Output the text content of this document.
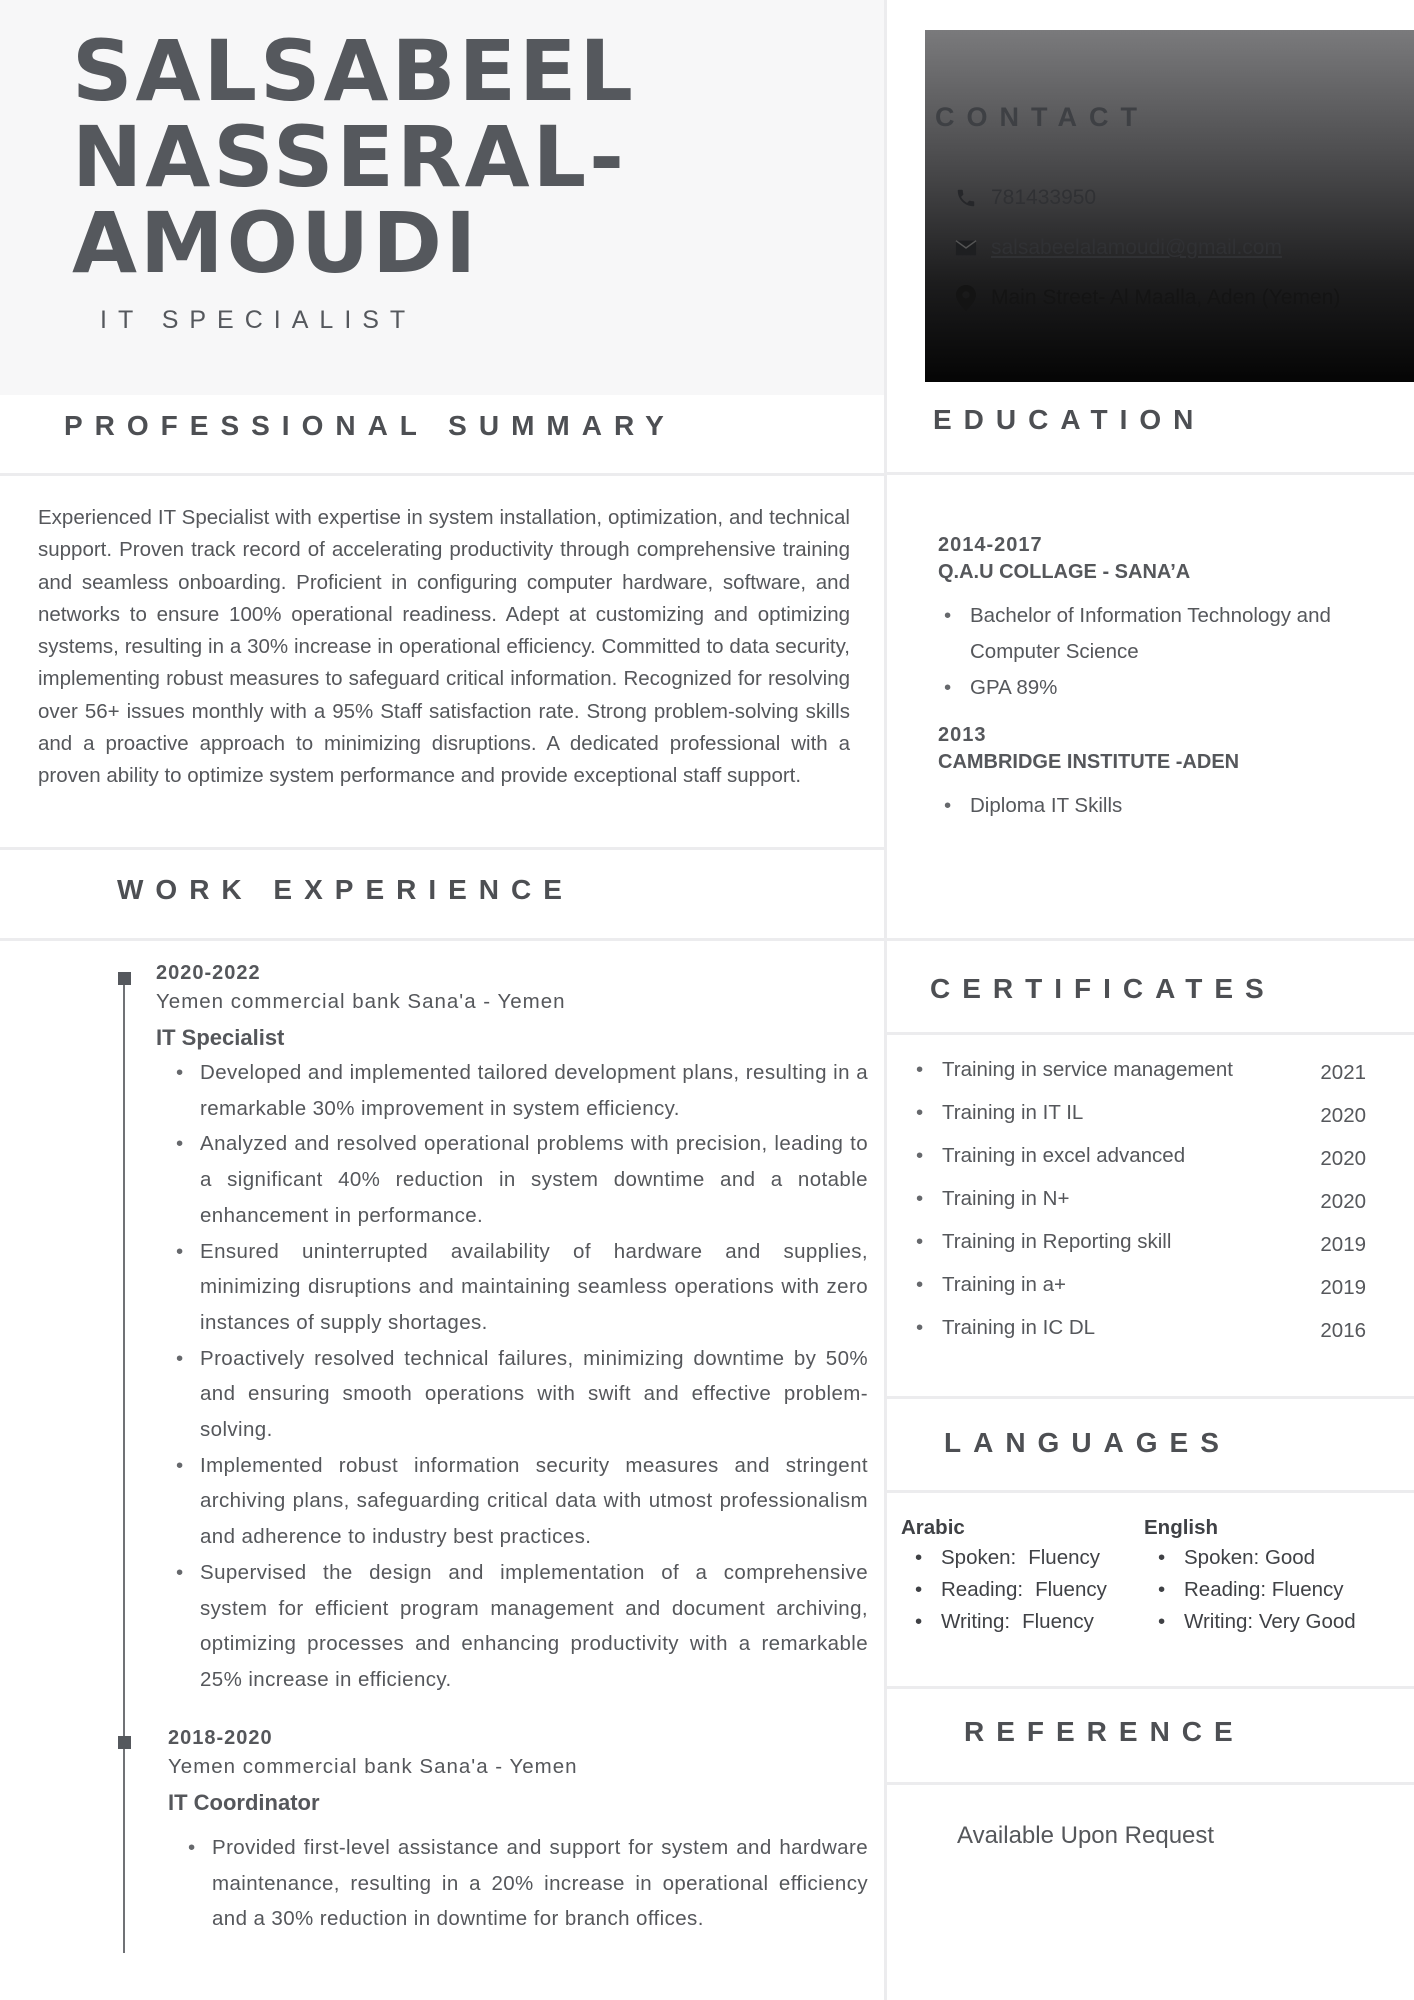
SALSABEEL
NASSERAL-
AMOUDI
IT SPECIALIST
CONTACT
781433950
salsabeelalamoudi@gmail.com
Main Street- Al Maalla, Aden (Yemen)
PROFESSIONAL SUMMARY

Experienced IT Specialist with expertise in system installation, optimization, and technical support. Proven track record of accelerating productivity through comprehensive training and seamless onboarding. Proficient in configuring computer hardware, software, and networks to ensure 100% operational readiness. Adept at customizing and optimizing systems, resulting in a 30% increase in operational efficiency. Committed to data security, implementing robust measures to safeguard critical information. Recognized for resolving over 56+ issues monthly with a 95% Staff satisfaction rate. Strong problem-solving skills and a proactive approach to minimizing disruptions. A dedicated professional with a proven ability to optimize system performance and provide exceptional staff support.

EDUCATION
2014-2017
Q.A.U COLLAGE - SANA’A
• Bachelor of Information Technology and Computer Science
• GPA 89%
2013
CAMBRIDGE INSTITUTE -ADEN
• Diploma IT Skills
WORK EXPERIENCE
2020-2022
Yemen commercial bank Sana'a - Yemen
IT Specialist
• Developed and implemented tailored development plans, resulting in a remarkable 30% improvement in system efficiency.
• Analyzed and resolved operational problems with precision, leading to a significant 40% reduction in system downtime and a notable enhancement in performance.
• Ensured uninterrupted availability of hardware and supplies, minimizing disruptions and maintaining seamless operations with zero instances of supply shortages.
• Proactively resolved technical failures, minimizing downtime by 50% and ensuring smooth operations with swift and effective problem-solving.
• Implemented robust information security measures and stringent archiving plans, safeguarding critical data with utmost professionalism and adherence to industry best practices.
• Supervised the design and implementation of a comprehensive system for efficient program management and document archiving, optimizing processes and enhancing productivity with a remarkable 25% increase in efficiency.
2018-2020
Yemen commercial bank Sana'a - Yemen
IT Coordinator
• Provided first-level assistance and support for system and hardware maintenance, resulting in a 20% increase in operational efficiency and a 30% reduction in downtime for branch offices.
CERTIFICATES
• Training in service management	2021
• Training in IT IL	2020
• Training in excel advanced	2020
• Training in N+	2020
• Training in Reporting skill	2019
• Training in a+	2019
• Training in IC DL	2016
LANGUAGES
Arabic
• Spoken: Fluency
• Reading: Fluency
• Writing: Fluency
English
• Spoken: Good
• Reading: Fluency
• Writing: Very Good
REFERENCE
Available Upon Request
